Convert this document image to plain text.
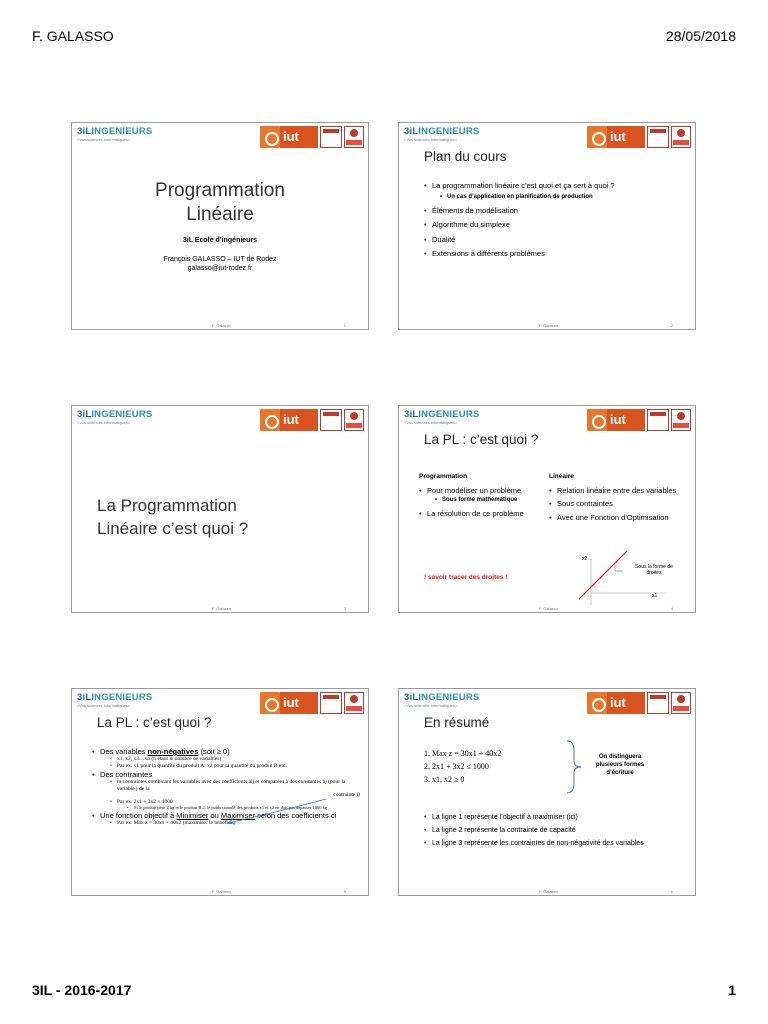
F. GALASSO	28/05/2018
3iLINGENIEURS
<Vos sciences informatiques>	iut
Programmation
Linéaire
3iL Ecole d’ingénieurs
François GALASSO – IUT de Rodez
galasso@iut-rodez.fr
F. Galasso	1
3iLINGENIEURS
<Vos sciences informatiques>	iut
Plan du cours
• La programmation linéaire c’est quoi et ça sert à quoi ?
• Un cas d’application en planification de production
• Éléments de modélisation
• Algorithme du simplexe
• Dualité
• Extensions à différents problèmes
F. Galasso	2
3iLINGENIEURS
<Vos sciences informatiques>	iut
La Programmation
Linéaire c’est quoi ?
F. Galasso	3
3iLINGENIEURS
<Vos sciences informatiques>	iut
La PL : c’est quoi ?
Programmation
• Pour modéliser un problème
• Sous forme mathématique
• La résolution de ce problème
Linéaire
• Relation linéaire entre des variables
• Sous contraintes
• Avec une Fonction d’Optimisation
! savoir tracer des droites !
x2
x1
Sous la forme de droites
F. Galasso	4
3iLINGENIEURS
<Vos sciences informatiques>	iut
La PL : c’est quoi ?
• Des variables non-négatives (soit ≥ 0)
• x1, x2, x3…xn (n étant le nombre de variables)
• Par ex. x1 pour la quantité du produit A, x2 pour la quantité du produit B etc.
• Des contraintes
• m contraintes combinant les variables avec des coefficients aij et comparées à des constantes bj (pour la variable j de la
contrainte i)
• Par ex. 2x1 + 3x2 ≤ 1000
• Si le produit pèse 2 kg et le produit B 2, le poids cumulé des produits x1 et x2 ne doit pas dépasser 1000 kg
• Une fonction objectif à Minimiser ou Maximiser selon des coefficients ci
• Par ex. Max z = 30x1 + 40x2 (maximiser le bénéfice)
F. Galasso	5
3iLINGENIEURS
<Vos sciences informatiques>	iut
En résumé
1. Max z = 30x1 + 40x2
2. 2x1 + 3x2 ≤ 1000
3. x1, x2 ≥ 0
On distinguera plusieurs formes d’écriture
• La ligne 1 représente l’objectif à maximiser (ici)
• La ligne 2 représente la contrainte de capacité
• La ligne 3 représente les contraintes de non-négativité des variables
F. Galasso	6
3IL - 2016-2017	1
